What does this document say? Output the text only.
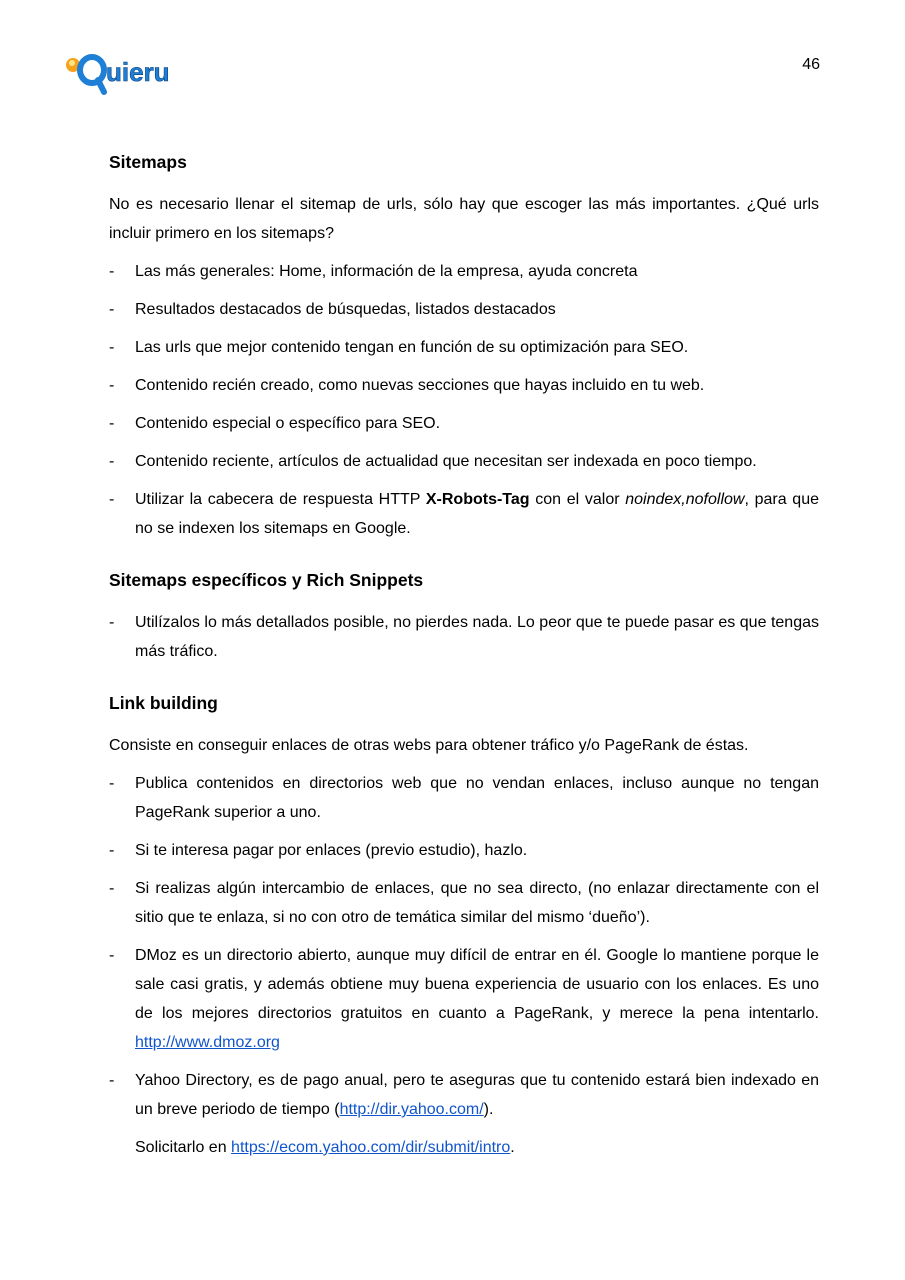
uieru	46
Sitemaps

No es necesario llenar el sitemap de urls, sólo hay que escoger las más importantes. ¿Qué urls incluir primero en los sitemaps?

- Las más generales: Home, información de la empresa, ayuda concreta
- Resultados destacados de búsquedas, listados destacados
- Las urls que mejor contenido tengan en función de su optimización para SEO.
- Contenido recién creado, como nuevas secciones que hayas incluido en tu web.
- Contenido especial o específico para SEO.
- Contenido reciente, artículos de actualidad que necesitan ser indexada en poco tiempo.
- Utilizar la cabecera de respuesta HTTP X-Robots-Tag con el valor noindex,nofollow, para que no se indexen los sitemaps en Google.
Sitemaps específicos y Rich Snippets
- Utilízalos lo más detallados posible, no pierdes nada. Lo peor que te puede pasar es que tengas más tráfico.
Link building

Consiste en conseguir enlaces de otras webs para obtener tráfico y/o PageRank de éstas.

- Publica contenidos en directorios web que no vendan enlaces, incluso aunque no tengan PageRank superior a uno.
- Si te interesa pagar por enlaces (previo estudio), hazlo.
- Si realizas algún intercambio de enlaces, que no sea directo, (no enlazar directamente con el sitio que te enlaza, si no con otro de temática similar del mismo ‘dueño’).
- DMoz es un directorio abierto, aunque muy difícil de entrar en él. Google lo mantiene porque le sale casi gratis, y además obtiene muy buena experiencia de usuario con los enlaces. Es uno de los mejores directorios gratuitos en cuanto a PageRank, y merece la pena intentarlo. http://www.dmoz.org
- Yahoo Directory, es de pago anual, pero te aseguras que tu contenido estará bien indexado en un breve periodo de tiempo (http://dir.yahoo.com/).

Solicitarlo en https://ecom.yahoo.com/dir/submit/intro.
